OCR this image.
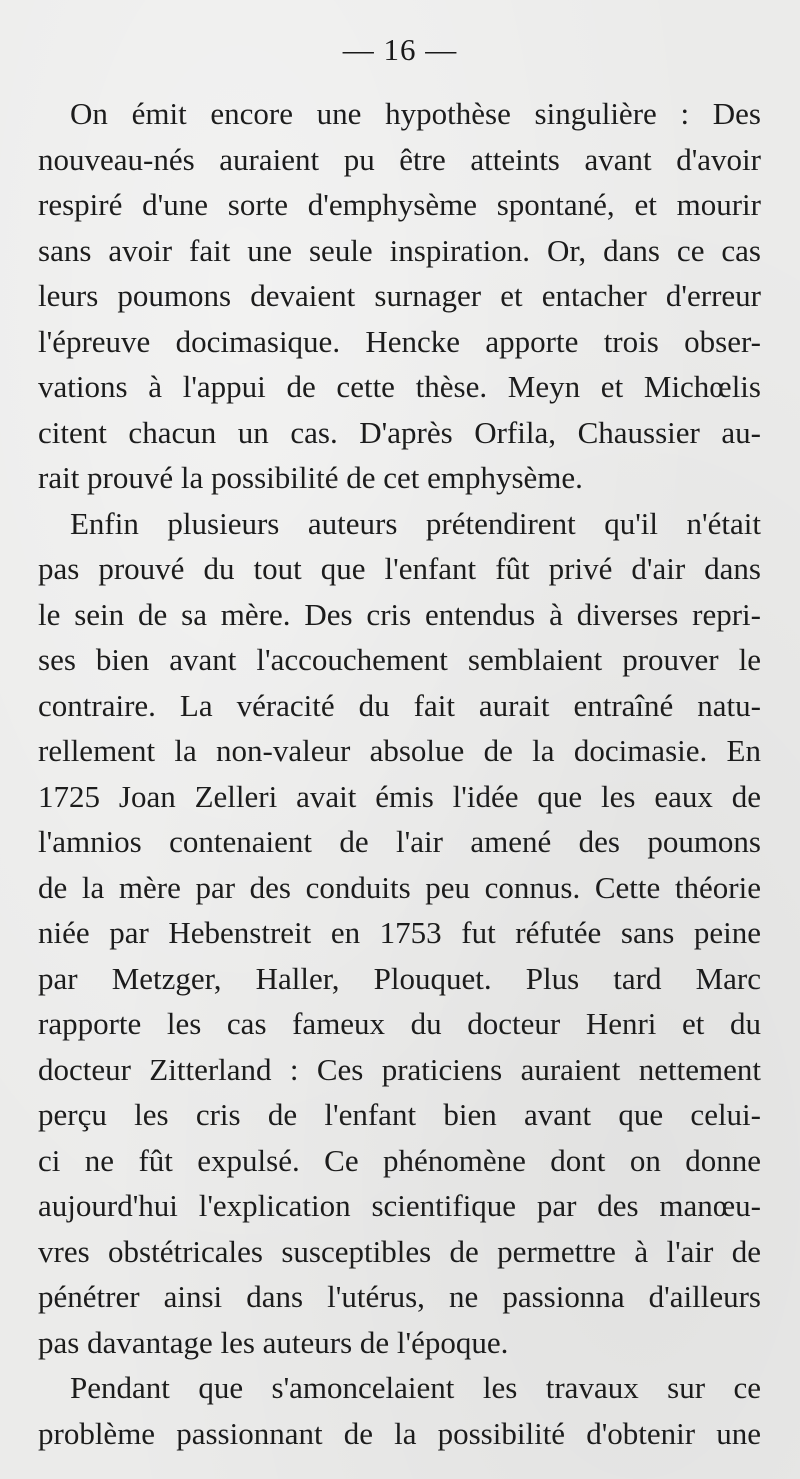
— 16 —
On émit encore une hypothèse singulière : Des
nouveau-nés auraient pu être atteints avant d'avoir
respiré d'une sorte d'emphysème spontané, et mourir
sans avoir fait une seule inspiration. Or, dans ce cas
leurs poumons devaient surnager et entacher d'erreur
l'épreuve docimasique. Hencke apporte trois obser-
vations à l'appui de cette thèse. Meyn et Michœlis
citent chacun un cas. D'après Orfila, Chaussier au-
rait prouvé la possibilité de cet emphysème.
Enfin plusieurs auteurs prétendirent qu'il n'était
pas prouvé du tout que l'enfant fût privé d'air dans
le sein de sa mère. Des cris entendus à diverses repri-
ses bien avant l'accouchement semblaient prouver le
contraire. La véracité du fait aurait entraîné natu-
rellement la non-valeur absolue de la docimasie. En
1725 Joan Zelleri avait émis l'idée que les eaux de
l'amnios contenaient de l'air amené des poumons
de la mère par des conduits peu connus. Cette théorie
niée par Hebenstreit en 1753 fut réfutée sans peine
par Metzger, Haller, Plouquet. Plus tard Marc
rapporte les cas fameux du docteur Henri et du
docteur Zitterland : Ces praticiens auraient nettement
perçu les cris de l'enfant bien avant que celui-
ci ne fût expulsé. Ce phénomène dont on donne
aujourd'hui l'explication scientifique par des manœu-
vres obstétricales susceptibles de permettre à l'air de
pénétrer ainsi dans l'utérus, ne passionna d'ailleurs
pas davantage les auteurs de l'époque.
Pendant que s'amoncelaient les travaux sur ce
problème passionnant de la possibilité d'obtenir une
